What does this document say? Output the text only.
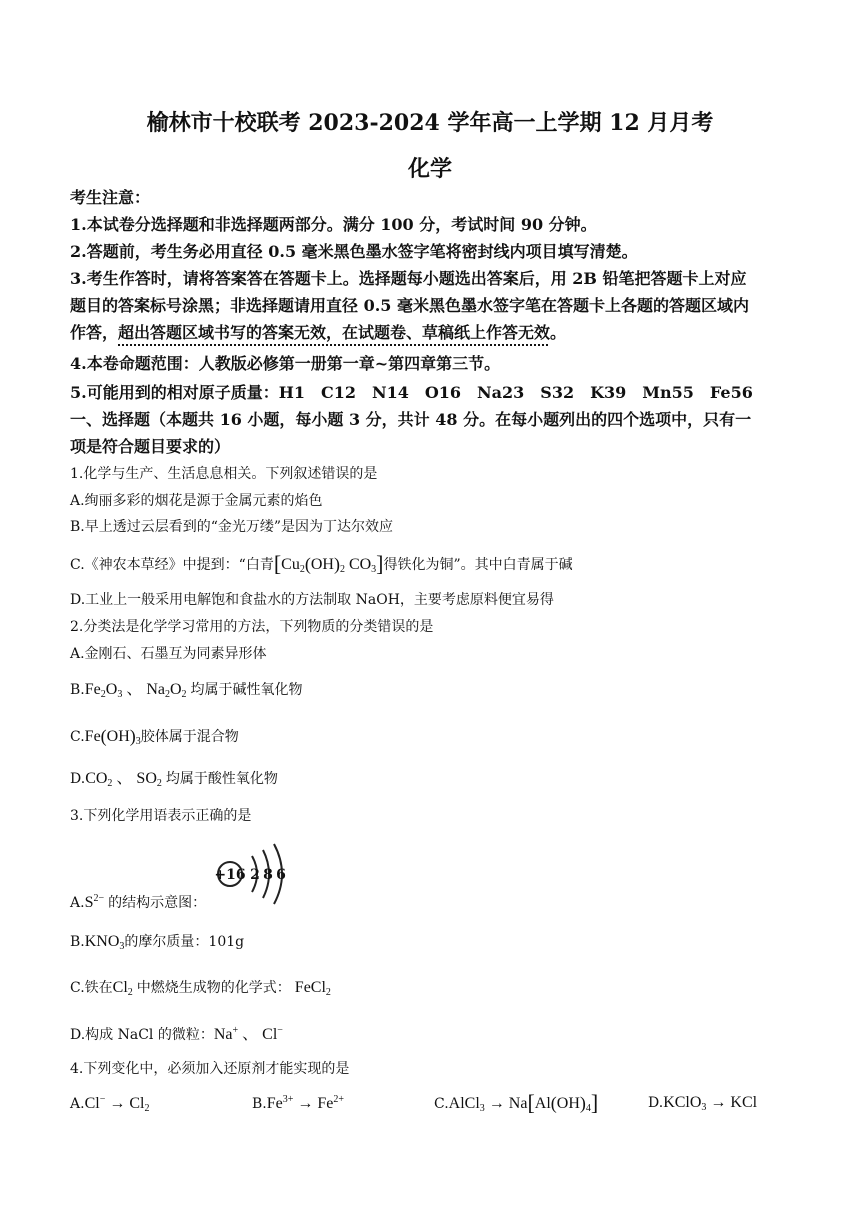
榆林市十校联考 2023-2024 学年高一上学期 12 月月考
化学
考生注意：
1.本试卷分选择题和非选择题两部分。满分 100 分，考试时间 90 分钟。
2.答题前，考生务必用直径 0.5 毫米黑色墨水签字笔将密封线内项目填写清楚。
3.考生作答时，请将答案答在答题卡上。选择题每小题选出答案后，用 2B 铅笔把答题卡上对应
题目的答案标号涂黑；非选择题请用直径 0.5 毫米黑色墨水签字笔在答题卡上各题的答题区域内
作答，超出答题区域书写的答案无效，在试题卷、草稿纸上作答无效。
4.本卷命题范围：人教版必修第一册第一章~第四章第三节。
5.可能用到的相对原子质量：H1　C12　N14　O16　Na23　S32　K39　Mn55　Fe56
一、选择题（本题共 16 小题，每小题 3 分，共计 48 分。在每小题列出的四个选项中，只有一
项是符合题目要求的）
1.化学与生产、生活息息相关。下列叙述错误的是
A.绚丽多彩的烟花是源于金属元素的焰色
B.早上透过云层看到的“金光万缕”是因为丁达尔效应
C.《神农本草经》中提到：“白青[$Cu_2(OH)_2$ $CO_3$]得铁化为铜”。其中白青属于碱
D.工业上一般采用电解饱和食盐水的方法制取 NaOH，主要考虑原料便宜易得
2.分类法是化学学习常用的方法，下列物质的分类错误的是
A.金刚石、石墨互为同素异形体
$B.Fe_2O_3$ 、 $Na_2O_2$ 均属于碱性氧化物
$C.Fe(OH)_3$胶体属于混合物
$D.CO_2$ 、 $SO_2$ 均属于酸性氧化物
3.下列化学用语表示正确的是
$A.S^{2-}$ 的结构示意图：
+16 2 8 6
$B.KNO_3$的摩尔质量：101g
C.铁在$Cl_2$ 中燃烧生成物的化学式： FeCl$_2$
D.构成 NaCl 的微粒：Na+ 、 Cl−
4.下列变化中，必须加入还原剂才能实现的是
$A.Cl^- \to Cl_2$	$B.Fe^{3+} \to Fe^{2+}$	C.AlCl$_3$ → $Na[Al(OH)_4]$	D.KClO$_3$ → KCl
